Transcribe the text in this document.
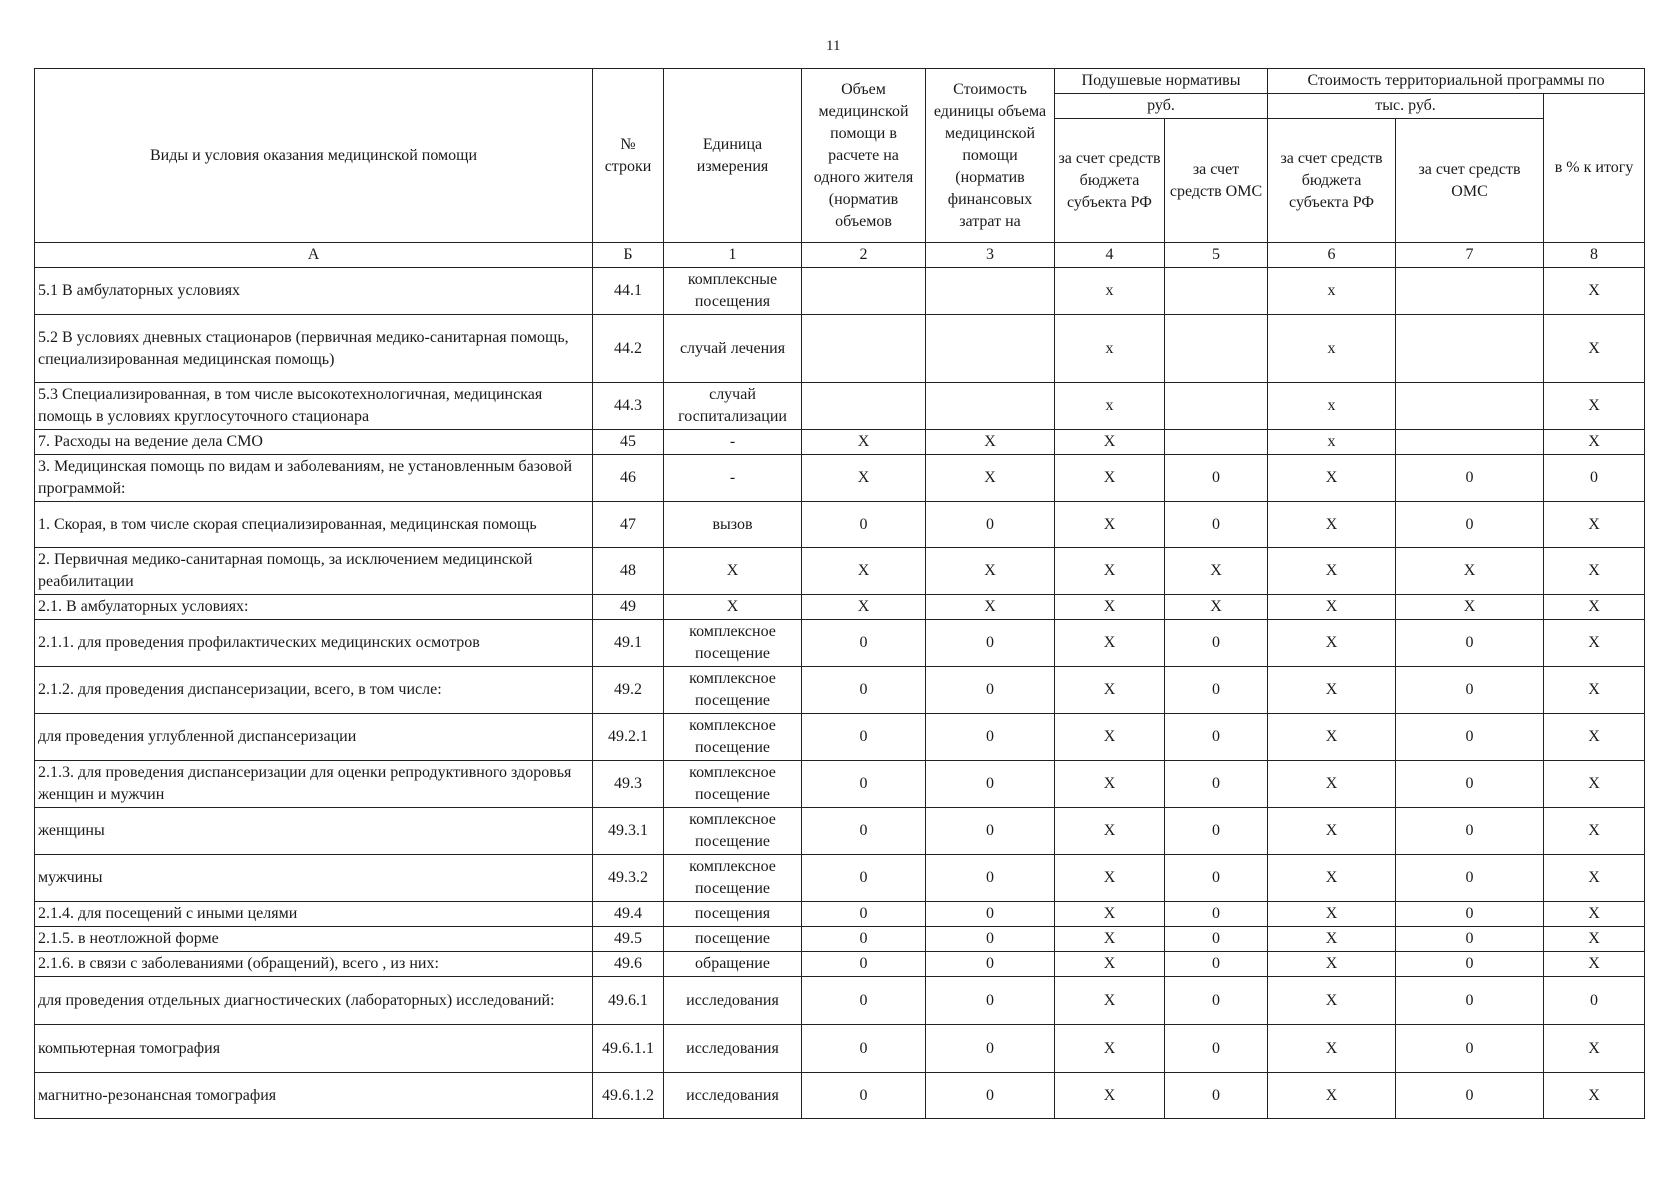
11
Виды и условия оказания медицинской помощи	№ строки	Единица измерения	Объем медицинской помощи в расчете на одного жителя (норматив объемов	Стоимость единицы объема медицинской помощи (норматив финансовых затрат на	Подушевые нормативы		Стоимость территориальной программы по		
					руб.		тыс. руб.		в % к итогу
					за счет средств бюджета субъекта РФ	за счет средств ОМС	за счет средств бюджета субъекта РФ	за счет средств ОМС	
А	Б	1	2	3	4	5	6	7	8
5.1 В амбулаторных условиях	44.1	комплексные посещения			x		x		X
5.2 В условиях дневных стационаров (первичная медико-санитарная помощь, специализированная медицинская помощь)	44.2	случай лечения			x		x		X
5.3 Специализированная, в том числе высокотехнологичная, медицинская помощь в условиях круглосуточного стационара	44.3	случай госпитализации			x		x		X
7. Расходы на ведение дела СМО	45	-	X	X	X		x		X
3. Медицинская помощь по видам и заболеваниям, не установленным базовой программой:	46	-	X	X	X	0	X	0	0
1. Скорая, в том числе скорая специализированная, медицинская помощь	47	вызов	0	0	X	0	X	0	X
2. Первичная медико-санитарная помощь, за исключением медицинской реабилитации	48	X	X	X	X	X	X	X	X
2.1. В амбулаторных условиях:	49	X	X	X	X	X	X	X	X
2.1.1. для проведения профилактических медицинских осмотров	49.1	комплексное посещение	0	0	X	0	X	0	X
2.1.2. для проведения диспансеризации, всего, в том числе:	49.2	комплексное посещение	0	0	X	0	X	0	X
для проведения углубленной диспансеризации	49.2.1	комплексное посещение	0	0	X	0	X	0	X
2.1.3. для проведения диспансеризации для оценки репродуктивного здоровья женщин и мужчин	49.3	комплексное посещение	0	0	X	0	X	0	X
женщины	49.3.1	комплексное посещение	0	0	X	0	X	0	X
мужчины	49.3.2	комплексное посещение	0	0	X	0	X	0	X
2.1.4. для посещений с иными целями	49.4	посещения	0	0	X	0	X	0	X
2.1.5. в неотложной форме	49.5	посещение	0	0	X	0	X	0	X
2.1.6. в связи с заболеваниями (обращений), всего , из них:	49.6	обращение	0	0	X	0	X	0	X
для проведения отдельных диагностических (лабораторных) исследований:	49.6.1	исследования	0	0	X	0	X	0	0
компьютерная томография	49.6.1.1	исследования	0	0	X	0	X	0	X
магнитно-резонансная томография	49.6.1.2	исследования	0	0	X	0	X	0	X
